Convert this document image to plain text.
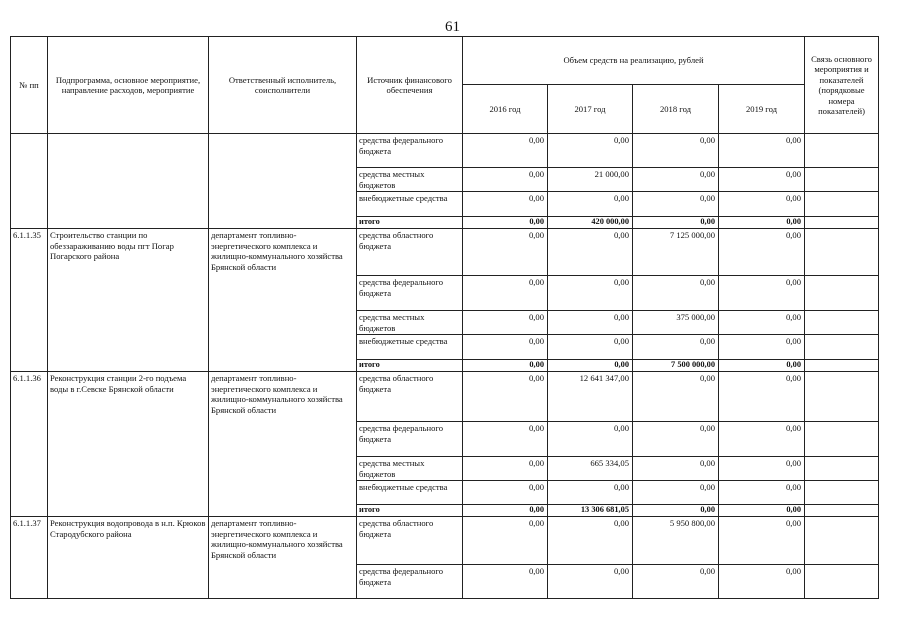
61
№ пп	Подпрограмма, основное мероприятие, направление расходов, мероприятие	Ответственный исполнитель, соисполнители	Источник финансового обеспечения	Объем средств на реализацию, рублей				Связь основного мероприятия и показателей (порядковые номера показателей)
				2016 год	2017 год	2018 год	2019 год	
			средства федерального бюджета	0,00	0,00	0,00	0,00	
			средства местных бюджетов	0,00	21 000,00	0,00	0,00	
			внебюджетные средства	0,00	0,00	0,00	0,00	
			итого	0,00	420 000,00	0,00	0,00	
6.1.1.35	Строительство станции по обеззараживанию воды пгт Погар Погарского района	департамент топливно-энергетического комплекса и жилищно-коммунального хозяйства Брянской области	средства областного бюджета	0,00	0,00	7 125 000,00	0,00	
			средства федерального бюджета	0,00	0,00	0,00	0,00	
			средства местных бюджетов	0,00	0,00	375 000,00	0,00	
			внебюджетные средства	0,00	0,00	0,00	0,00	
			итого	0,00	0,00	7 500 000,00	0,00	
6.1.1.36	Реконструкция станции 2-го подъема воды в г.Севске Брянской области	департамент топливно-энергетического комплекса и жилищно-коммунального хозяйства Брянской области	средства областного бюджета	0,00	12 641 347,00	0,00	0,00	
			средства федерального бюджета	0,00	0,00	0,00	0,00	
			средства местных бюджетов	0,00	665 334,05	0,00	0,00	
			внебюджетные средства	0,00	0,00	0,00	0,00	
			итого	0,00	13 306 681,05	0,00	0,00	
6.1.1.37	Реконструкция водопровода в н.п. Крюков Стародубского района	департамент топливно-энергетического комплекса и жилищно-коммунального хозяйства Брянской области	средства областного бюджета	0,00	0,00	5 950 800,00	0,00	
			средства федерального бюджета	0,00	0,00	0,00	0,00	
